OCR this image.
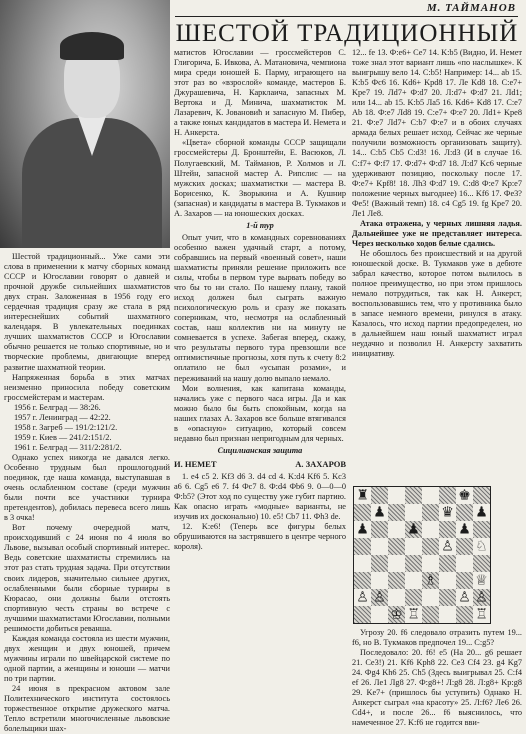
М. ТАЙМАНОВ
ШЕСТОЙ ТРАДИЦИОННЫЙ

Шестой традиционный... Уже сами эти слова в применении к матчу сборных команд СССР и Югославии говорят о давней и прочной дружбе сильнейших шахматистов двух стран. Заложенная в 1956 году его сердечная традиция сразу же стала в ряд интереснейших событий шахматного календаря. В увлекательных поединках лучших шахматистов СССР и Югославии обычно решается не только спортивные, но и творческие проблемы, двигающие вперед развитие шахматной теории.

Напряженная борьба в этих матчах неизменно приносила победу советским гроссмейстерам и мастерам.

1956 г. Белград — 38:26.
1957 г. Ленинград — 42:22.
1958 г. Загреб — 191/2:121/2.
1959 г. Киев — 241/2:151/2.
1961 г. Белград — 311/2:281/2.

Однако успех никогда не давался легко. Особенно трудным был прошлогодний поединок, где наша команда, выступавшая в очень ослабленном составе (среди мужчин были почти все участники турнира претендентов), добилась перевеса всего лишь в 3 очка!

Вот почему очередной матч, происходивший с 24 июня по 4 июля во Львове, вызывал особый спортивный интерес. Ведь советские шахматисты стремились на этот раз стать трудная задача. При отсутствии своих лидеров, значительно сильнее других, ослабленными были сборные турниры в Кюрасао, они должны были отстоять спортивную честь страны во встрече с лучшими шахматистами Югославии, полными решимости добиться реванша.

Каждая команда состояла из шести мужчин, двух женщин и двух юношей, причем мужчины играли по швейцарской системе по одной партии, а женщины и юноши — матчи по три партии.

24 июня в прекрасном актовом зале Политехнического института состоялось торжественное открытие дружеского матча. Тепло встретили многочисленные львовские болельщики шах-

матистов Югославии — гроссмейстеров С. Глигорича, Б. Ивкова, А. Матановича, чемпиона мира среди юношей Б. Парму, играющего на этот раз во «взрослой» команде, мастеров Б. Джурашевича, Н. Карклаича, запасных М. Вертока и Д. Минича, шахматисток М. Лазаревич, К. Јовановић и запасную М. Пибер, а также юных кандидатов в мастера И. Немета и Н. Анкерста.

«Цвета» сборной команды СССР защищали гроссмейстеры Д. Бронштейн, Е. Васюков, Л. Полугаевский, М. Тайманов, Р. Холмов и Л. Штейн, запасной мастер А. Рипслис — на мужских досках; шахматистки — мастера В. Борисенко, К. Зворыкина и А. Кушнир (запасная) и кандидаты в мастера В. Тукмаков и А. Захаров — на юношеских досках.

1-й тур

Опыт учит, что в командных соревнованиях особенно важен удачный старт, а потому, собравшись на первый «военный совет», наши шахматисты приняли решение приложить все силы, чтобы в первом туре вырвать победу во что бы то ни стало. По нашему плану, такой исход должен был сыграть важную психологическую роль и сразу же показать соперникам, что, несмотря на ослабленный состав, наш коллектив ни на минуту не сомневается в успехе. Забегая вперед, скажу, что результаты первого тура превзошли все оптимистичные прогнозы, хотя путь к счету 8:2 оплатило не был «усыпан розами», и переживаний на нашу долю выпало немало.

Мои волнения, как капитана команды, начались уже с первого часа игры. Да и как можно было бы быть спокойным, когда на наших глазах А. Захаров все больше втягивался в «опасную» ситуацию, который совсем недавно был признан непригодным для черных.

Сицилианская защита

И. НЕМЕТ	А. ЗАХАРОВ

1. e4 c5 2. Kf3 d6 3. d4 cd 4. K:d4 Kf6 5. Kc3 a6 6. Cg5 e6 7. f4 Фc7 8. Ф:d4 Фb6 9. 0—0—0 Ф:b5? (Этот ход по существу уже губит партию. Как опасно играть «модные» варианты, не изучив их досконально) 10. e5! Cb7 11. Фh3 de.

12. K:e6! (Теперь все фигуры белых обрушиваются на застрявшего в центре черного короля).

12... fe 13. Ф:e6+ Ce7 14. K:b5 (Видно, И. Немет тоже знал этот вариант лишь «по наслышке». К выигрышу вело 14. С:b5! Например: 14... ab 15. K:b5 Фc6 16. Kd6+ Kpd8 17. Ле Kd8 18. С:e7+ Kpe7 19. Лd7+ Ф:d7 20. Л:d7+ Ф:d7 21. Лd1; или 14... ab 15. K:b5 Лa5 16. Kd6+ Kd8 17. С:e7 Ab 18. Ф:e7 Лd8 19. С:e7+ Ф:e7 20. Лd1+ Kpe8 21. Ф:e7 Лd7+ С:b7 Ф:e7 и в обоих случаях армада белых решает исход. Сейчас же черные получили возможность организовать защиту). 14... С:b5 Cb5 С:d3! 16. Л:d3 (И в случае 16. С:f7+ Ф:f7 17. Ф:d7+ Ф:d7 18. Л:d7 Kc6 черные удерживают позицию, поскольку после 17. Ф:e7+ Kpf8! 18. Лh3 Ф:d7 19. С:d8 Ф:e7 Kp:e7 положение черных выгоднее) 16... Kf6 17. Фe3? Фe5! (Важный темп) 18. c4 Cg5 19. fg Kpe7 20. Лe1 Лe8.

Атака отражена, у черных лишняя ладья. Дальнейшее уже не представляет интереса. Через несколько ходов белые сдались.

Не обошлось без происшествий и на другой юношеской доске. В. Тукмаков уже в дебюте забрал качество, которое потом вылилось в полное преимущество, но при этом пришлось немало потрудиться, так как Н. Анкерст, воспользовавшись тем, что у противника было в запасе немного времени, ринулся в атаку. Казалось, что исход партии предопределен, но в дальнейшем наш юный шахматист играл неудачно и позволил Н. Анкерсту захватить инициативу.

♜	♚
♟	♛ ♟
♟	♟	♟
♙ ♘
♗	♕
♙ ♙	♙ ♙
♔ ♖	♖

Угрозу 20. f6 следовало отразить путем 19... f6, но В. Тукмаков предпочел 19... С:g5?

Последовало: 20. f6! e5 (На 20... g6 решает 21. Сe3!) 21. Kf6 Kph8 22. Ce3 Cf4 23. g4 Kg7 24. Фg4 Kh6 25. Ch5 (Здесь выигрывал 25. С:f4 ef 26. Лe1 Лg8 27. Ф:g8+! Л:g8 28. Л:g8+ Kp:g8 29. Ke7+ (пришлось бы уступить) Однако Н. Анкерст сыграл «на красоту» 25. Л:f6? Лe6 26. Cd4+, и после 26... f6 выяснилось, что намеченное 27. K:f6 не годится вви-
